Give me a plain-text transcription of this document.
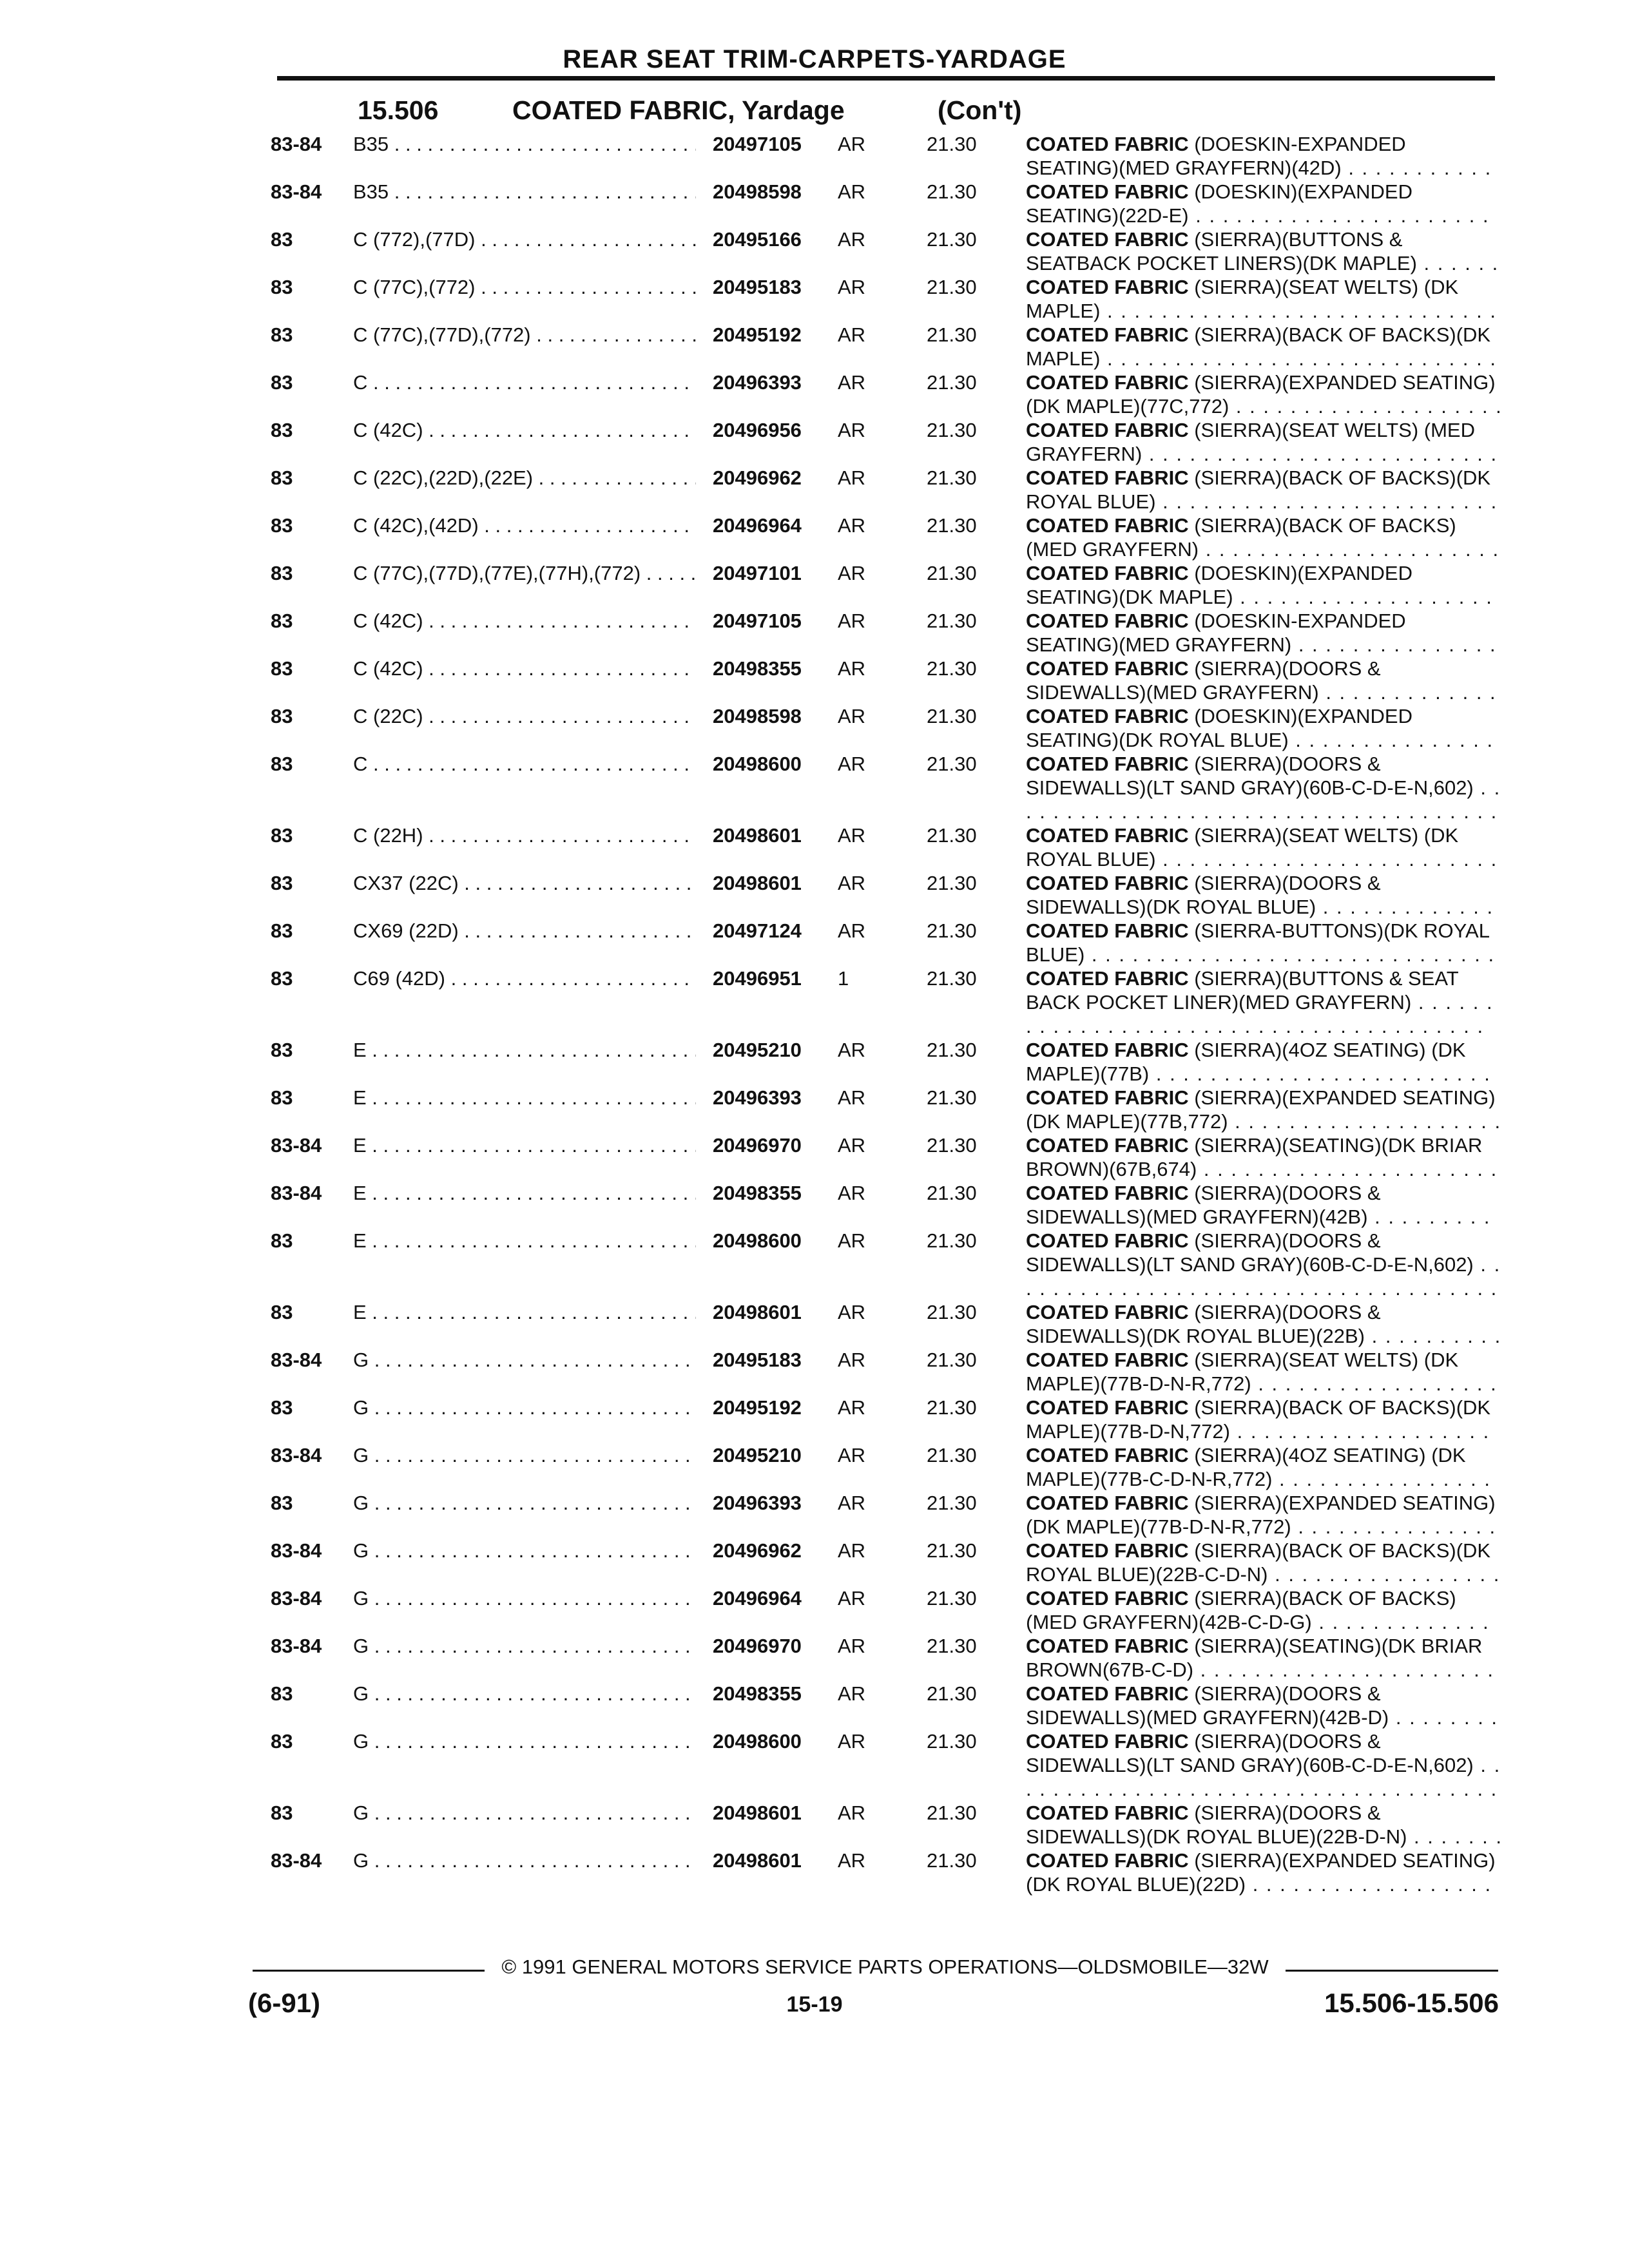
REAR SEAT TRIM-CARPETS-YARDAGE
15.506	COATED FABRIC, Yardage	(Con't)
83-84 B35 . . .	20497105 AR	21.30 COATED FABRIC (DOESKIN-EXPANDED SEATING)(MED GRAYFERN)(42D) . . .
83-84 B35 . . .	20498598 AR	21.30 COATED FABRIC (DOESKIN)(EXPANDED SEATING)(22D-E) . . .
83	C (772),(77D) . . .	20495166 AR	21.30 COATED FABRIC (SIERRA)(BUTTONS & SEATBACK POCKET LINERS)(DK MAPLE) . . .
83	C (77C),(772) . . .	20495183 AR	21.30 COATED FABRIC (SIERRA)(SEAT WELTS) (DK MAPLE) . . .
83	C (77C),(77D),(772) . . .	20495192 AR	21.30 COATED FABRIC (SIERRA)(BACK OF BACKS)(DK MAPLE) . . .
83	C . . .	20496393 AR	21.30 COATED FABRIC (SIERRA)(EXPANDED SEATING)(DK MAPLE)(77C,772) . . .
83	C (42C) . . .	20496956 AR	21.30 COATED FABRIC (SIERRA)(SEAT WELTS) (MED GRAYFERN) . . .
83	C (22C),(22D),(22E) . . .	20496962 AR	21.30 COATED FABRIC (SIERRA)(BACK OF BACKS)(DK ROYAL BLUE) . . .
83	C (42C),(42D) . . .	20496964 AR	21.30 COATED FABRIC (SIERRA)(BACK OF BACKS)(MED GRAYFERN) . . .
83	C (77C),(77D),(77E),(77H),(772) . . .	20497101 AR	21.30 COATED FABRIC (DOESKIN)(EXPANDED SEATING)(DK MAPLE) . . .
83	C (42C) . . .	20497105 AR	21.30 COATED FABRIC (DOESKIN-EXPANDED SEATING)(MED GRAYFERN) . . .
83	C (42C) . . .	20498355 AR	21.30 COATED FABRIC (SIERRA)(DOORS & SIDEWALLS)(MED GRAYFERN) . . .
83	C (22C) . . .	20498598 AR	21.30 COATED FABRIC (DOESKIN)(EXPANDED SEATING)(DK ROYAL BLUE) . . .
83	C . . .	20498600 AR	21.30 COATED FABRIC (SIERRA)(DOORS & SIDEWALLS)(LT SAND GRAY)(60B-C-D-E-N,602) . . .
83	C (22H) . . .	20498601 AR	21.30 COATED FABRIC (SIERRA)(SEAT WELTS) (DK ROYAL BLUE) . . .
83	CX37 (22C) . . .	20498601 AR	21.30 COATED FABRIC (SIERRA)(DOORS & SIDEWALLS)(DK ROYAL BLUE) . . .
83	CX69 (22D) . . .	20497124 AR	21.30 COATED FABRIC (SIERRA-BUTTONS)(DK ROYAL BLUE) . . .
83	C69 (42D) . . .	20496951 1	21.30 COATED FABRIC (SIERRA)(BUTTONS & SEAT BACK POCKET LINER)(MED GRAYFERN) . . .
83	E . . .	20495210 AR	21.30 COATED FABRIC (SIERRA)(4OZ SEATING) (DK MAPLE)(77B) . . .
83	E . . .	20496393 AR	21.30 COATED FABRIC (SIERRA)(EXPANDED SEATING)(DK MAPLE)(77B,772) . . .
83-84 E . . .	20496970 AR	21.30 COATED FABRIC (SIERRA)(SEATING)(DK BRIAR BROWN)(67B,674) . . .
83-84 E . . .	20498355 AR	21.30 COATED FABRIC (SIERRA)(DOORS & SIDEWALLS)(MED GRAYFERN)(42B) . . .
83	E . . .	20498600 AR	21.30 COATED FABRIC (SIERRA)(DOORS & SIDEWALLS)(LT SAND GRAY)(60B-C-D-E-N,602) . . .
83	E . . .	20498601 AR	21.30 COATED FABRIC (SIERRA)(DOORS & SIDEWALLS)(DK ROYAL BLUE)(22B) . . .
83-84 G . . .	20495183 AR	21.30 COATED FABRIC (SIERRA)(SEAT WELTS) (DK MAPLE)(77B-D-N-R,772) . . .
83	G . . .	20495192 AR	21.30 COATED FABRIC (SIERRA)(BACK OF BACKS)(DK MAPLE)(77B-D-N,772) . . .
83-84 G . . .	20495210 AR	21.30 COATED FABRIC (SIERRA)(4OZ SEATING) (DK MAPLE)(77B-C-D-N-R,772) . . .
83	G . . .	20496393 AR	21.30 COATED FABRIC (SIERRA)(EXPANDED SEATING)(DK MAPLE)(77B-D-N-R,772) . . .
83-84 G . . .	20496962 AR	21.30 COATED FABRIC (SIERRA)(BACK OF BACKS)(DK ROYAL BLUE)(22B-C-D-N) . . .
83-84 G . . .	20496964 AR	21.30 COATED FABRIC (SIERRA)(BACK OF BACKS)(MED GRAYFERN)(42B-C-D-G) . . .
83-84 G . . .	20496970 AR	21.30 COATED FABRIC (SIERRA)(SEATING)(DK BRIAR BROWN(67B-C-D) . . .
83	G . . .	20498355 AR	21.30 COATED FABRIC (SIERRA)(DOORS & SIDEWALLS)(MED GRAYFERN)(42B-D) . . .
83	G . . .	20498600 AR	21.30 COATED FABRIC (SIERRA)(DOORS & SIDEWALLS)(LT SAND GRAY)(60B-C-D-E-N,602) . . .
83	G . . .	20498601 AR	21.30 COATED FABRIC (SIERRA)(DOORS & SIDEWALLS)(DK ROYAL BLUE)(22B-D-N) . . .
83-84 G . . .	20498601 AR	21.30 COATED FABRIC (SIERRA)(EXPANDED SEATING)(DK ROYAL BLUE)(22D) . . .
© 1991 GENERAL MOTORS SERVICE PARTS OPERATIONS—OLDSMOBILE—32W
(6-91)	15-19	15.506-15.506
